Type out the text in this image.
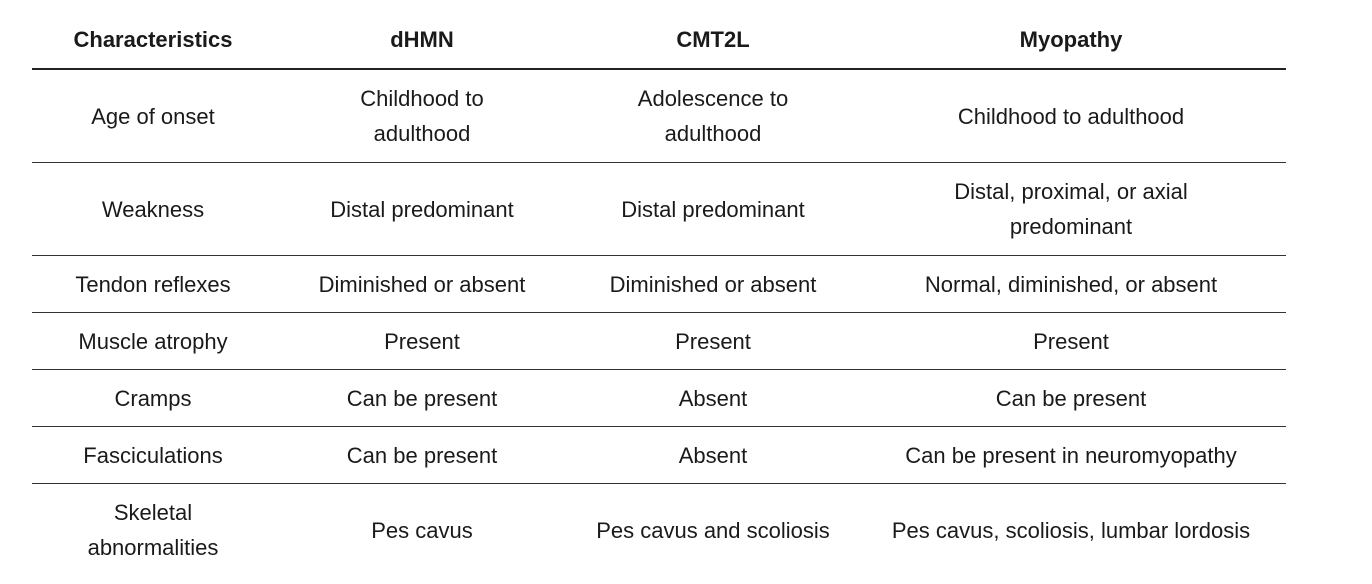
Characteristics	dHMN	CMT2L	Myopathy
Age of onset	Childhood to adulthood	Adolescence to adulthood	Childhood to adulthood
Weakness	Distal predominant	Distal predominant	Distal, proximal, or axial predominant
Tendon reflexes	Diminished or absent	Diminished or absent	Normal, diminished, or absent
Muscle atrophy	Present	Present	Present
Cramps	Can be present	Absent	Can be present
Fasciculations	Can be present	Absent	Can be present in neuromyopathy
Skeletal abnormalities	Pes cavus	Pes cavus and scoliosis	Pes cavus, scoliosis, lumbar lordosis
